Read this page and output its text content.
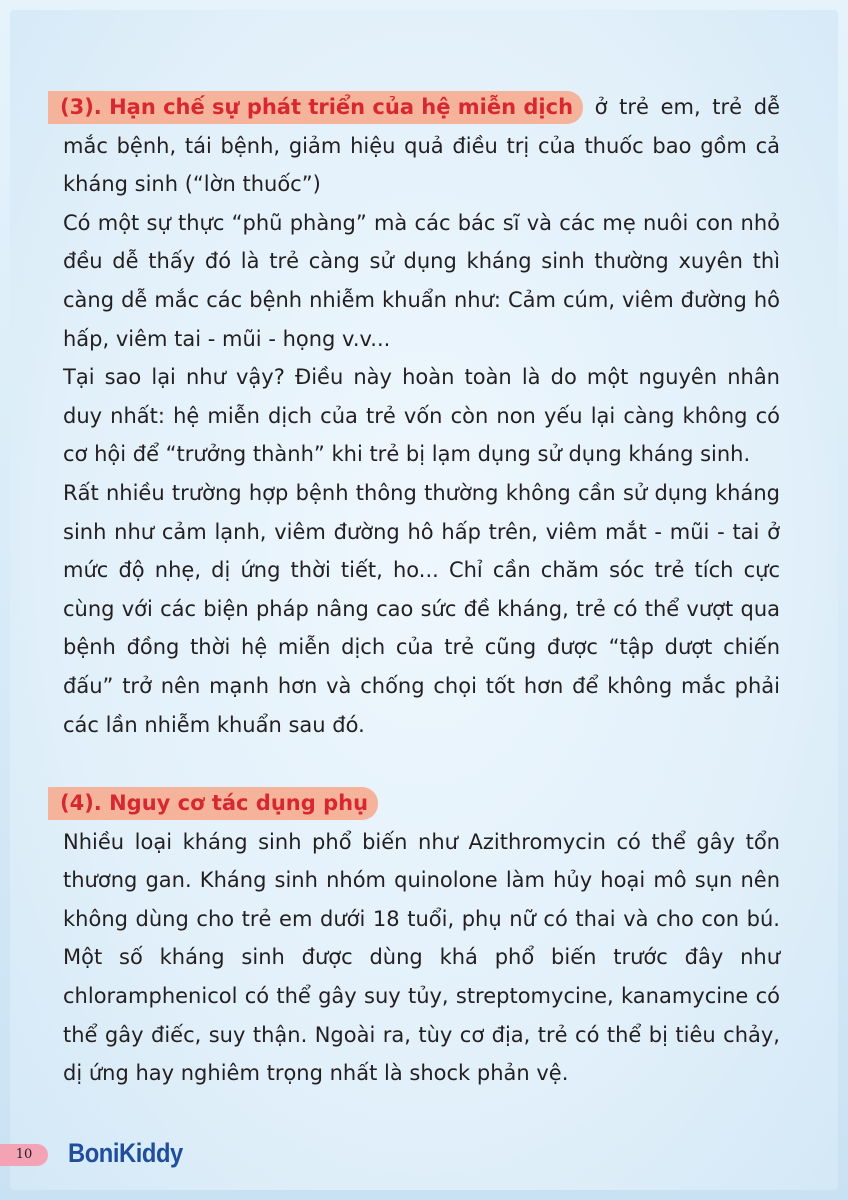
(3). Hạn chế sự phát triển của hệ miễn dịch ở trẻ em, trẻ dễ mắc bệnh, tái bệnh, giảm hiệu quả điều trị của thuốc bao gồm cả kháng sinh (“lờn thuốc”)

Có một sự thực “phũ phàng” mà các bác sĩ và các mẹ nuôi con nhỏ đều dễ thấy đó là trẻ càng sử dụng kháng sinh thường xuyên thì càng dễ mắc các bệnh nhiễm khuẩn như: Cảm cúm, viêm đường hô hấp, viêm tai - mũi - họng v.v...

Tại sao lại như vậy? Điều này hoàn toàn là do một nguyên nhân duy nhất: hệ miễn dịch của trẻ vốn còn non yếu lại càng không có cơ hội để “trưởng thành” khi trẻ bị lạm dụng sử dụng kháng sinh.

Rất nhiều trường hợp bệnh thông thường không cần sử dụng kháng sinh như cảm lạnh, viêm đường hô hấp trên, viêm mắt - mũi - tai ở mức độ nhẹ, dị ứng thời tiết, ho... Chỉ cần chăm sóc trẻ tích cực cùng với các biện pháp nâng cao sức đề kháng, trẻ có thể vượt qua bệnh đồng thời hệ miễn dịch của trẻ cũng được “tập dượt chiến đấu” trở nên mạnh hơn và chống chọi tốt hơn để không mắc phải các lần nhiễm khuẩn sau đó.

(4). Nguy cơ tác dụng phụ

Nhiều loại kháng sinh phổ biến như Azithromycin có thể gây tổn thương gan. Kháng sinh nhóm quinolone làm hủy hoại mô sụn nên không dùng cho trẻ em dưới 18 tuổi, phụ nữ có thai và cho con bú. Một số kháng sinh được dùng khá phổ biến trước đây như chloramphenicol có thể gây suy tủy, streptomycine, kanamycine có thể gây điếc, suy thận. Ngoài ra, tùy cơ địa, trẻ có thể bị tiêu chảy, dị ứng hay nghiêm trọng nhất là shock phản vệ.

10	BoniKiddy
